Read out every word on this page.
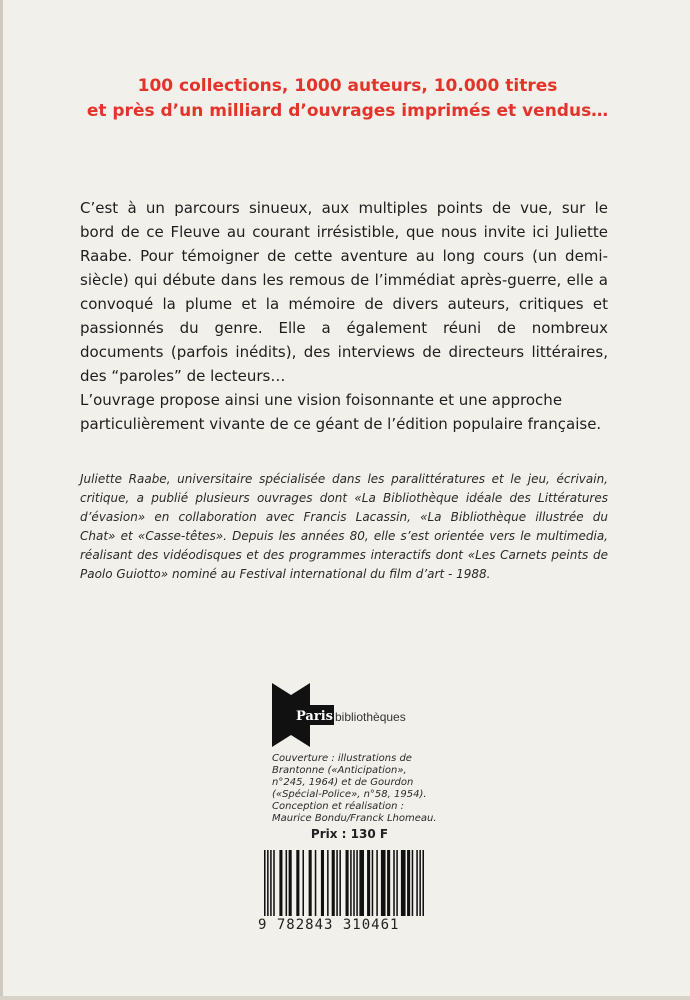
100 collections, 1000 auteurs, 10.000 titres
et près d’un milliard d’ouvrages imprimés et vendus…
C’est à un parcours sinueux, aux multiples points de vue, sur le
bord de ce Fleuve au courant irrésistible, que nous invite ici Juliette
Raabe. Pour témoigner de cette aventure au long cours (un demi-
siècle) qui débute dans les remous de l’immédiat après-guerre, elle a
convoqué la plume et la mémoire de divers auteurs, critiques et
passionnés du genre. Elle a également réuni de nombreux
documents (parfois inédits), des interviews de directeurs littéraires,
des “paroles” de lecteurs…
L’ouvrage propose ainsi une vision foisonnante et une approche
particulièrement vivante de ce géant de l’édition populaire française.
Juliette Raabe, universitaire spécialisée dans les paralittératures et le jeu, écrivain,
critique, a publié plusieurs ouvrages dont «La Bibliothèque idéale des Littératures
d’évasion» en collaboration avec Francis Lacassin, «La Bibliothèque illustrée du
Chat» et «Casse-têtes». Depuis les années 80, elle s’est orientée vers le multimedia,
réalisant des vidéodisques et des programmes interactifs dont «Les Carnets peints de
Paolo Guiotto» nominé au Festival international du film d’art - 1988.
Paris bibliothèques
Couverture : illustrations de
Brantonne («Anticipation»,
n°245, 1964) et de Gourdon
(«Spécial-Police», n°58, 1954).
Conception et réalisation :
Maurice Bondu/Franck Lhomeau.
Prix : 130 F
9 782843 310461
